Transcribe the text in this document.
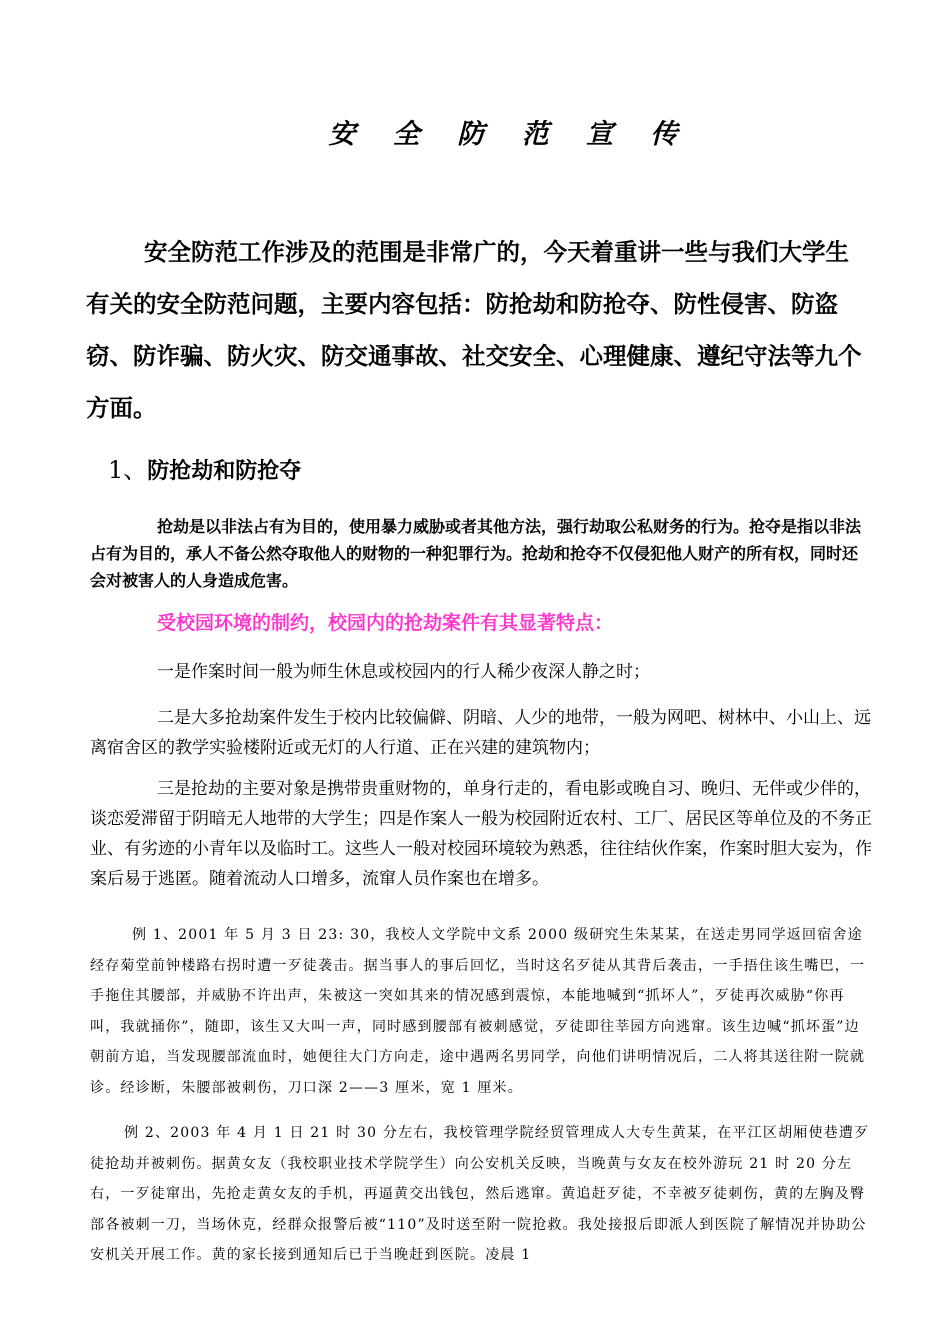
安 全 防 范 宣 传
安全防范工作涉及的范围是非常广的，今天着重讲一些与我们大学生有关的安全防范问题，主要内容包括：防抢劫和防抢夺、防性侵害、防盗窃、防诈骗、防火灾、防交通事故、社交安全、心理健康、遵纪守法等九个方面。
1、防抢劫和防抢夺
抢劫是以非法占有为目的，使用暴力威胁或者其他方法，强行劫取公私财务的行为。抢夺是指以非法占有为目的，承人不备公然夺取他人的财物的一种犯罪行为。抢劫和抢夺不仅侵犯他人财产的所有权，同时还会对被害人的人身造成危害。
受校园环境的制约，校园内的抢劫案件有其显著特点：
一是作案时间一般为师生休息或校园内的行人稀少夜深人静之时；
二是大多抢劫案件发生于校内比较偏僻、阴暗、人少的地带，一般为网吧、树林中、小山上、远离宿舍区的教学实验楼附近或无灯的人行道、正在兴建的建筑物内；
三是抢劫的主要对象是携带贵重财物的，单身行走的，看电影或晚自习、晚归、无伴或少伴的，谈恋爱滞留于阴暗无人地带的大学生；四是作案人一般为校园附近农村、工厂、居民区等单位及的不务正业、有劣迹的小青年以及临时工。这些人一般对校园环境较为熟悉，往往结伙作案，作案时胆大妄为，作案后易于逃匿。随着流动人口增多，流窜人员作案也在增多。
例 1、2001 年 5 月 3 日 23: 30，我校人文学院中文系 2000 级研究生朱某某，在送走男同学返回宿舍途经存菊堂前钟楼路右拐时遭一歹徒袭击。据当事人的事后回忆，当时这名歹徒从其背后袭击，一手捂住该生嘴巴，一手拖住其腰部，并威胁不许出声，朱被这一突如其来的情况感到震惊，本能地喊到“抓坏人”，歹徒再次威胁“你再叫，我就捅你”，随即，该生又大叫一声，同时感到腰部有被刺感觉，歹徒即往莘园方向逃窜。该生边喊“抓坏蛋”边朝前方追，当发现腰部流血时，她便往大门方向走，途中遇两名男同学，向他们讲明情况后，二人将其送往附一院就诊。经诊断，朱腰部被刺伤，刀口深 2——3 厘米，宽 1 厘米。
例 2、2003 年 4 月 1 日 21 时 30 分左右，我校管理学院经贸管理成人大专生黄某，在平江区胡厢使巷遭歹徒抢劫并被刺伤。据黄女友（我校职业技术学院学生）向公安机关反映，当晚黄与女友在校外游玩 21 时 20 分左右，一歹徒窜出，先抢走黄女友的手机，再逼黄交出钱包，然后逃窜。黄追赶歹徒，不幸被歹徒刺伤，黄的左胸及臀部各被刺一刀，当场休克，经群众报警后被“110”及时送至附一院抢救。我处接报后即派人到医院了解情况并协助公安机关开展工作。黄的家长接到通知后已于当晚赶到医院。凌晨 1
